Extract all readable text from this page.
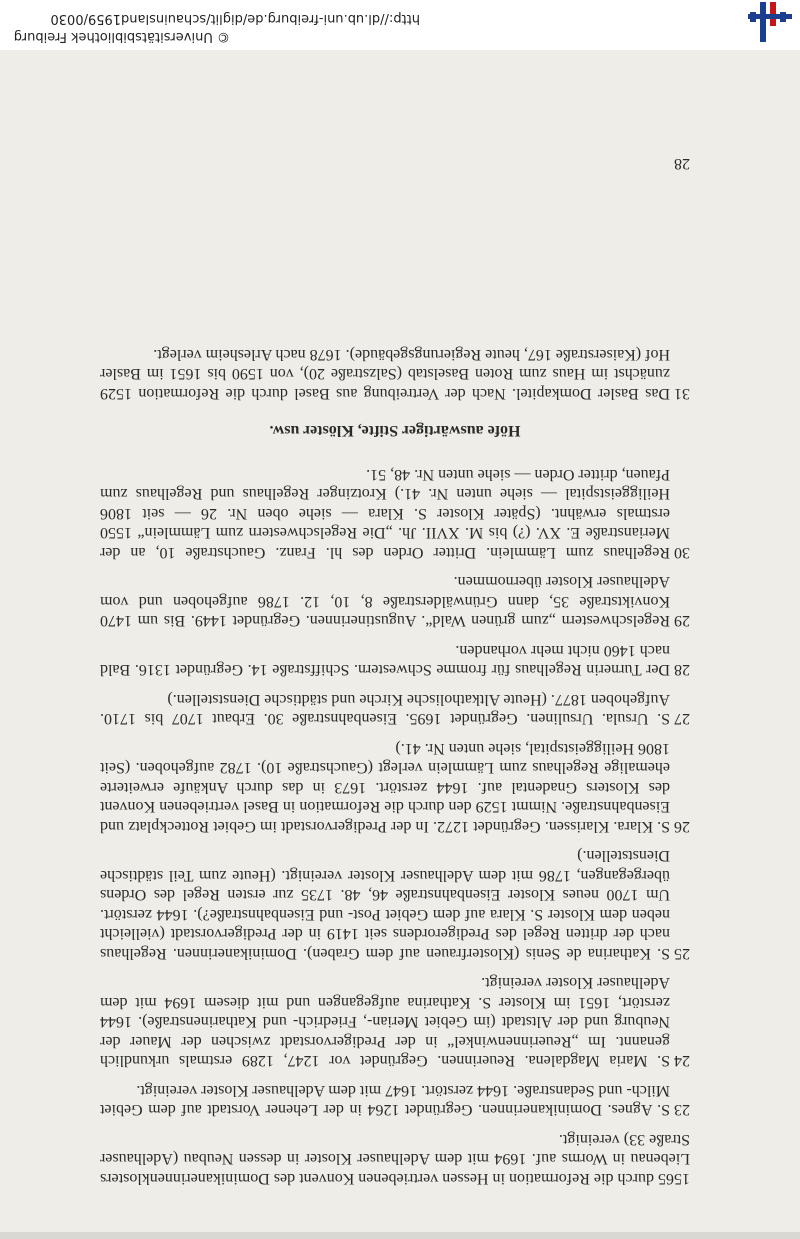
© Universitätsbibliothek Freiburg
http://dl.ub.uni-freiburg.de/diglit/schauinsland1959/0030

1565 durch die Reformation in Hessen vertriebenen Konvent des Dominikanerinnenklosters Liebenau in Worms auf. 1694 mit dem Adelhauser Kloster in dessen Neubau (Adelhauser Straße 33) vereinigt.

23S. Agnes. Dominikanerinnen. Gegründet 1264 in der Lehener Vorstadt auf dem Gebiet Milch- und Sedanstraße. 1644 zerstört. 1647 mit dem Adelhauser Kloster vereinigt.

24S. Maria Magdalena. Reuerinnen. Gegründet vor 1247, 1289 erstmals urkundlich genannt. Im „Reuerinnenwinkel“ in der Predigervorstadt zwischen der Mauer der Neuburg und der Altstadt (im Gebiet Merian-, Friedrich- und Katharinenstraße). 1644 zerstört, 1651 im Kloster S. Katharina aufgegangen und mit diesem 1694 mit dem Adelhauser Kloster vereinigt.

25S. Katharina de Senis (Klosterfrauen auf dem Graben). Dominikanerinnen. Regelhaus nach der dritten Regel des Predigerordens seit 1419 in der Predigervorstadt (vielleicht neben dem Kloster S. Klara auf dem Gebiet Post- und Eisenbahnstraße?). 1644 zerstört. Um 1700 neues Kloster Eisenbahnstraße 46, 48. 1735 zur ersten Regel des Ordens übergegangen, 1786 mit dem Adelhauser Kloster vereinigt. (Heute zum Teil städtische Dienststellen.)

26S. Klara. Klarissen. Gegründet 1272. In der Predigervorstadt im Gebiet Rotteckplatz und Eisenbahnstraße. Nimmt 1529 den durch die Reformation in Basel vertriebenen Konvent des Klosters Gnadental auf. 1644 zerstört. 1673 in das durch Ankäufe erweiterte ehemalige Regelhaus zum Lämmlein verlegt (Gauchstraße 10). 1782 aufgehoben. (Seit 1806 Heiliggeistspital, siehe unten Nr. 41.)

27S. Ursula. Ursulinen. Gegründet 1695. Eisenbahnstraße 30. Erbaut 1707 bis 1710. Aufgehoben 1877. (Heute Altkatholische Kirche und städtische Dienststellen.)

28Der Turnerin Regelhaus für fromme Schwestern. Schiffstraße 14. Gegründet 1316. Bald nach 1460 nicht mehr vorhanden.

29Regelschwestern „zum grünen Wald“. Augustinerinnen. Gegründet 1449. Bis um 1470 Konviktstraße 35, dann Grünwälderstraße 8, 10, 12. 1786 aufgehoben und vom Adelhauser Kloster übernommen.

30Regelhaus zum Lämmlein. Dritter Orden des hl. Franz. Gauchstraße 10, an der Merianstraße E. XV. (?) bis M. XVII. Jh. „Die Regelschwestern zum Lämmlein“ 1550 erstmals erwähnt. (Später Kloster S. Klara — siehe oben Nr. 26 — seit 1806 Heiliggeistspital — siehe unten Nr. 41.) Krotzinger Regelhaus und Regelhaus zum Pfauen, dritter Orden — siehe unten Nr. 48, 51.

Höfe auswärtiger Stifte, Klöster usw.

31Das Basler Domkapitel. Nach der Vertreibung aus Basel durch die Reformation 1529 zunächst im Haus zum Roten Baselstab (Salzstraße 20), von 1590 bis 1651 im Basler Hof (Kaiserstraße 167, heute Regierungsgebäude). 1678 nach Arlesheim verlegt.

28
